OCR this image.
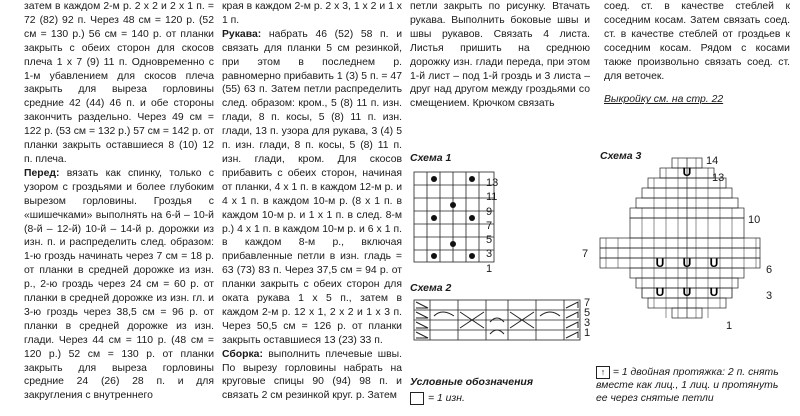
затем в каждом 2-м р. 2 х 2 и 2 х 1 п. = 72 (82) 92 п. Через 48 см = 120 р. (52 см = 130 р.) 56 см = 140 р. от планки закрыть с обеих сторон для скосов плеча 1 х 7 (9) 11 п. Одновременно с 1-м убавлением для скосов плеча закрыть для выреза горловины средние 42 (44) 46 п. и обе стороны закончить раздельно. Через 49 см = 122 р. (53 см = 132 р.) 57 см = 142 р. от планки закрыть оставшиеся 8 (10) 12 п. плеча.

Перед: вязать как спинку, только с узором с гроздьями и более глубоким вырезом горловины. Гроздья с «шишечками» выполнять на 6-й – 10-й (8-й – 12-й) 10-й – 14-й р. дорожки из изн. п. и распределить след. образом: 1-ю гроздь начинать через 7 см = 18 р. от планки в средней дорожке из изн. р., 2-ю гроздь через 24 см = 60 р. от планки в средней дорожке из изн. гл. и 3-ю гроздь через 38,5 см = 96 р. от планки в средней дорожке из изн. глади. Через 44 см = 110 р. (48 см = 120 р.) 52 см = 130 р. от планки закрыть для выреза горловины средние 24 (26) 28 п. и для закругления с внутреннего

края в каждом 2-м р. 2 х 3, 1 х 2 и 1 х 1 п.

Рукава: набрать 46 (52) 58 п. и связать для планки 5 см резинкой, при этом в последнем р. равномерно прибавить 1 (3) 5 п. = 47 (55) 63 п. Затем петли распределить след. образом: кром., 5 (8) 11 п. изн. глади, 8 п. косы, 5 (8) 11 п. изн. глади, 13 п. узора для рукава, 3 (4) 5 п. изн. глади, 8 п. косы, 5 (8) 11 п. изн. глади, кром. Для скосов прибавить с обеих сторон, начиная от планки, 4 х 1 п. в каждом 12-м р. и 4 х 1 п. в каждом 10-м р. (8 х 1 п. в каждом 10-м р. и 1 х 1 п. в след. 8-м р.) 4 х 1 п. в каждом 10-м р. и 6 х 1 п. в каждом 8-м р., включая прибавленные петли в изн. гладь = 63 (73) 83 п. Через 37,5 см = 94 р. от планки закрыть с обеих сторон для окатa рукава 1 х 5 п., затем в каждом 2-м р. 12 х 1, 2 х 2 и 1 х 3 п. Через 50,5 см = 126 р. от планки закрыть оставшиеся 13 (23) 33 п.

Сборка: выполнить плечевые швы. По вырезу горловины набрать на круговые спицы 90 (94) 98 п. и связать 2 см резинкой круг. р. Затем

петли закрыть по рисунку. Втачать рукава. Выполнить боковые швы и швы рукавов. Связать 4 листа. Листья пришить на среднюю дорожку изн. глади переда, при этом 1-й лист – под 1-й гроздь и 3 листа – друг над другом между гроздьями со смещением. Крючком связать

Схема 1
13
11
9
7
5
3
1
Схема 2
7
5
3
1
Условные обозначения
= 1 изн.

соед. ст. в качестве стеблей к соседним косам. Затем связать соед. ст. в качестве стеблей от гроздьев к соседним косам. Рядом с косами также произвольно связать соед. ст. для веточек.

Выкройку см. на стр. 22

Схема 3
U U U
U U U
U
14
13
10
7
6
3
1
↑ = 1 двойная протяжка: 2 п. снять вместе как лиц., 1 лиц. и протянуть ее через снятые петли
